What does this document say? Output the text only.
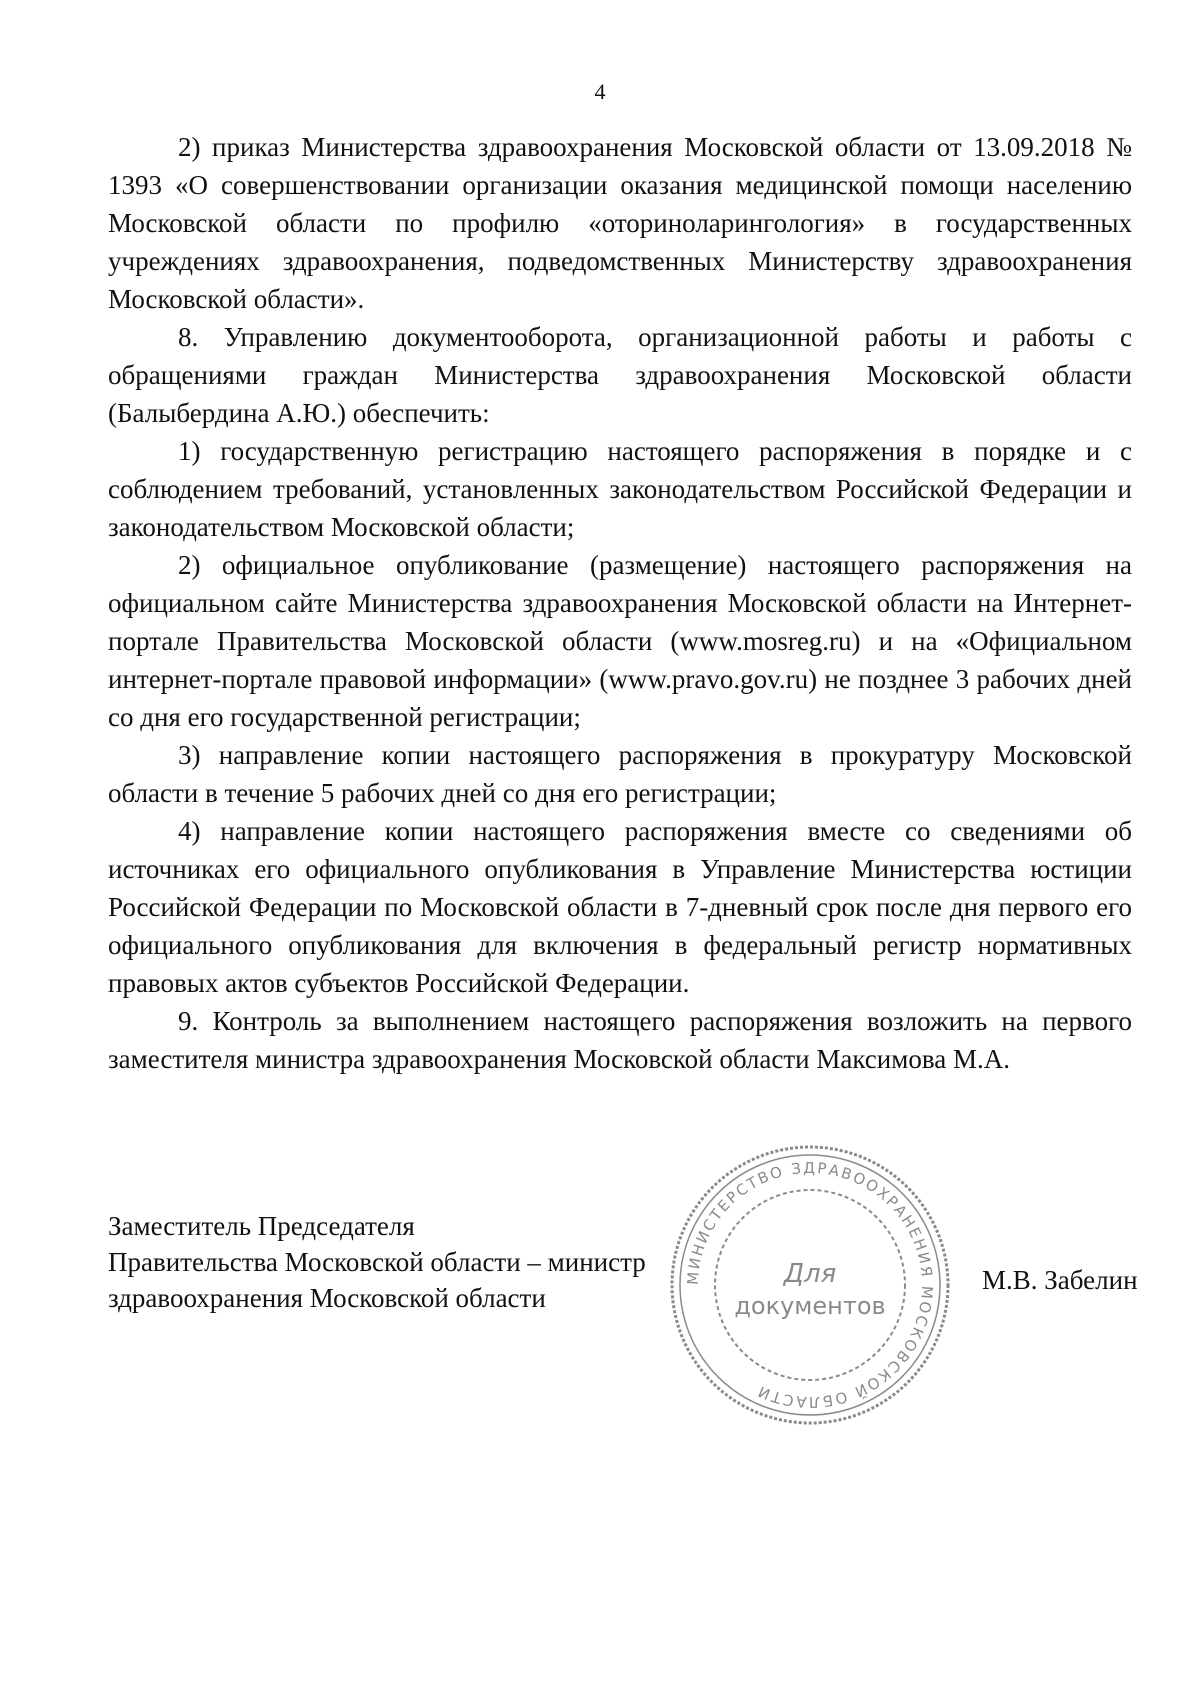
4

2) приказ Министерства здравоохранения Московской области от 13.09.2018 № 1393 «О совершенствовании организации оказания медицинской помощи населению Московской области по профилю «оториноларингология» в государственных учреждениях здравоохранения, подведомственных Министерству здравоохранения Московской области».

8. Управлению документооборота, организационной работы и работы с обращениями граждан Министерства здравоохранения Московской области (Балыбердина А.Ю.) обеспечить:

1) государственную регистрацию настоящего распоряжения в порядке и с соблюдением требований, установленных законодательством Российской Федерации и законодательством Московской области;

2) официальное опубликование (размещение) настоящего распоряжения на официальном сайте Министерства здравоохранения Московской области на Интернет-портале Правительства Московской области (www.mosreg.ru) и на «Официальном интернет-портале правовой информации» (www.pravo.gov.ru) не позднее 3 рабочих дней со дня его государственной регистрации;

3) направление копии настоящего распоряжения в прокуратуру Московской области в течение 5 рабочих дней со дня его регистрации;

4) направление копии настоящего распоряжения вместе со сведениями об источниках его официального опубликования в Управление Министерства юстиции Российской Федерации по Московской области в 7-дневный срок после дня первого его официального опубликования для включения в федеральный регистр нормативных правовых актов субъектов Российской Федерации.

9. Контроль за выполнением настоящего распоряжения возложить на первого заместителя министра здравоохранения Московской области Максимова М.А.

Заместитель Председателя
Правительства Московской области – министр
здравоохранения Московской области
МИНИСТЕРСТВО ЗДРАВООХРАНЕНИЯ МОСКОВСКОЙ ОБЛАСТИ
Для
документов
М.В. Забелин
